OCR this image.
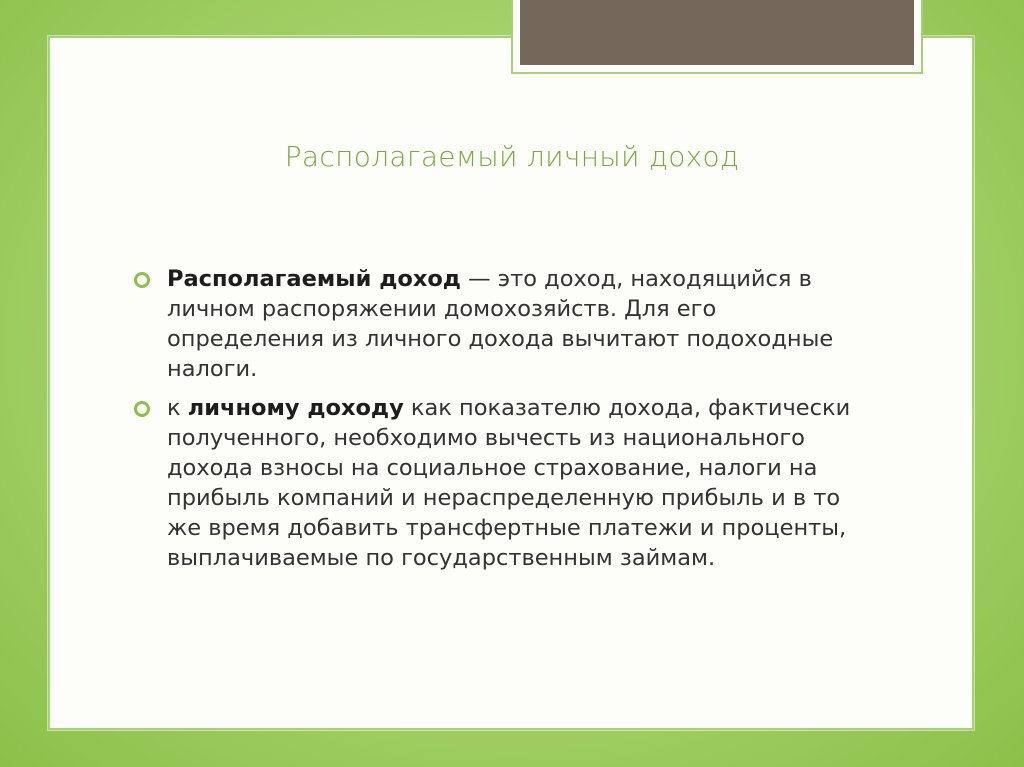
Располагаемый личный доход

Располагаемый доход — это доход, находящийся в личном распоряжении домохозяйств. Для его определения из личного дохода вычитают подоходные налоги.

к личному доходу как показателю дохода, фактически полученного, необходимо вычесть из национального дохода взносы на социальное страхование, налоги на прибыль компаний и нераспределенную прибыль и в то же время добавить трансфертные платежи и проценты, выплачиваемые по государственным займам.
